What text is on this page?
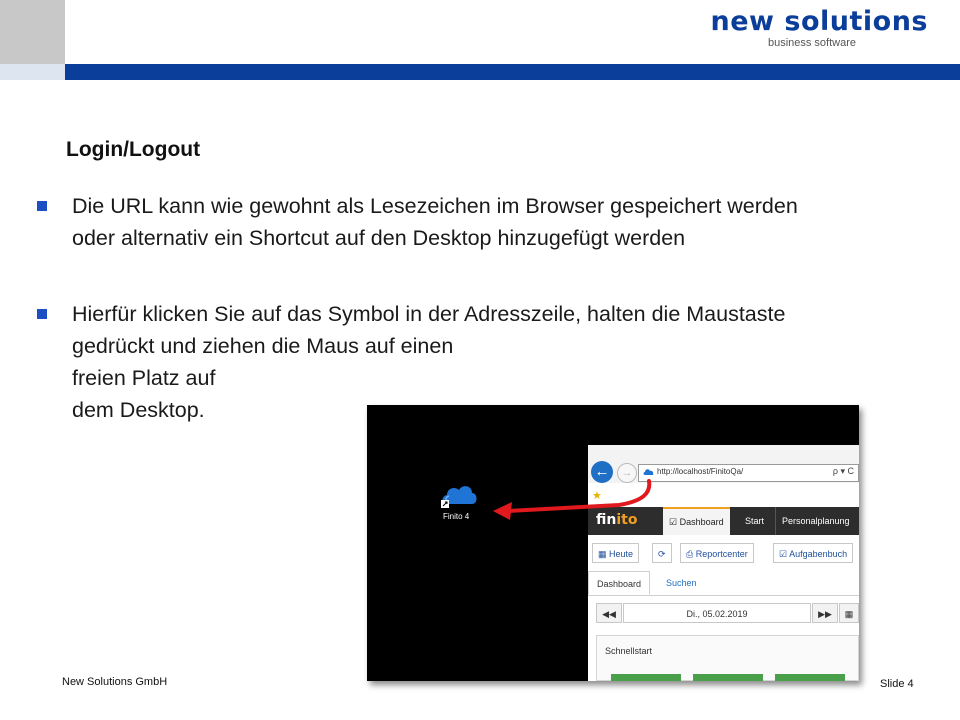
new solutions
business software
Login/Logout

Die URL kann wie gewohnt als Lesezeichen im Browser gespeichert werden
oder alternativ ein Shortcut auf den Desktop hinzugefügt werden

Hierfür klicken Sie auf das Symbol in der Adresszeile, halten die Maustaste
gedrückt und ziehen die Maus auf einen
freien Platz auf
dem Desktop.

Finito 4
←	→	http://localhost/FinitoQa/	ρ ▾ C
★
finito	☑ Dashboard	Start	Personalplanung
▦ Heute	⟳	⎙ Reportcenter	☑ Aufgabenbuch
Dashboard	Suchen
◀◀	Di., 05.02.2019	▶▶	▦
Schnellstart
New Solutions GmbH	Slide 4
